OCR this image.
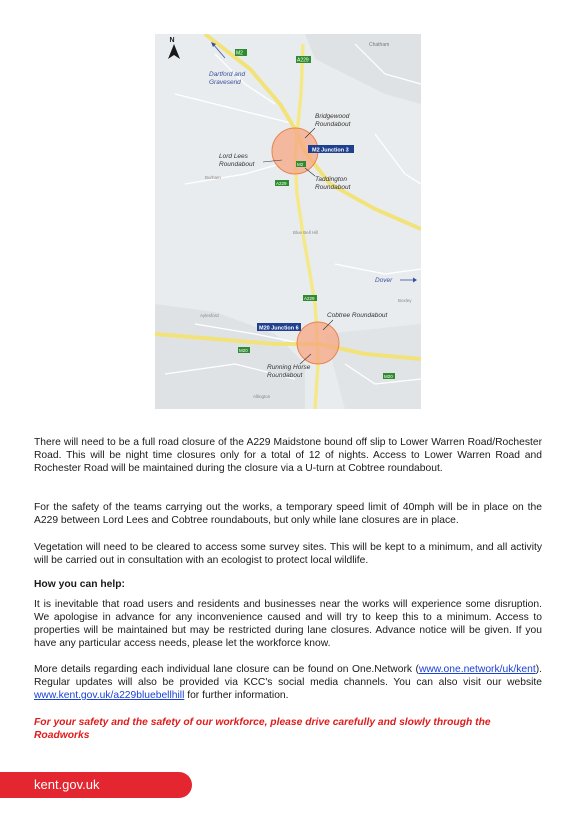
N
M2
A229
Chatham
Dartford and
Gravesend
Bridgewood
Roundabout
Lord Lees
Roundabout
M2 Junction 3
M2
A229
Taddington
Roundabout
Burham
Blue Bell Hill
Dover
A229	Boxley
Aylesford	Cobtree Roundabout
M20 Junction 6
M20
M20
Running Horse
Roundabout
Allington

There will need to be a full road closure of the A229 Maidstone bound off slip to Lower Warren Road/Rochester Road. This will be night time closures only for a total of 12 of nights. Access to Lower Warren Road and Rochester Road will be maintained during the closure via a U-turn at Cobtree roundabout.

For the safety of the teams carrying out the works, a temporary speed limit of 40mph will be in place on the A229 between Lord Lees and Cobtree roundabouts, but only while lane closures are in place.

Vegetation will need to be cleared to access some survey sites. This will be kept to a minimum, and all activity will be carried out in consultation with an ecologist to protect local wildlife.

How you can help:

It is inevitable that road users and residents and businesses near the works will experience some disruption. We apologise in advance for any inconvenience caused and will try to keep this to a minimum. Access to properties will be maintained but may be restricted during lane closures. Advance notice will be given. If you have any particular access needs, please let the workforce know.

More details regarding each individual lane closure can be found on One.Network (www.one.network/uk/kent). Regular updates will also be provided via KCC's social media channels. You can also visit our website www.kent.gov.uk/a229bluebellhill for further information.

For your safety and the safety of our workforce, please drive carefully and slowly through the Roadworks

kent.gov.uk
